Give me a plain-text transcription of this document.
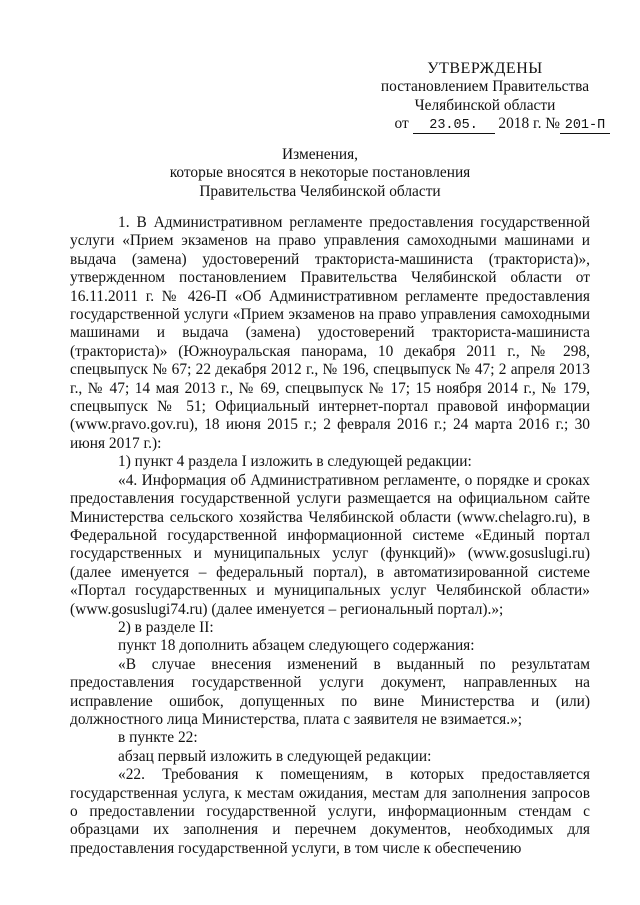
УТВЕРЖДЕНЫ
постановлением Правительства
Челябинской области
от 23.05. 2018 г. № 201-П
Изменения,
которые вносятся в некоторые постановления
Правительства Челябинской области

1. В Административном регламенте предоставления государственной услуги «Прием экзаменов на право управления самоходными машинами и выдача (замена) удостоверений тракториста-машиниста (тракториста)», утвержденном постановлением Правительства Челябинской области от 16.11.2011 г. № 426-П «Об Административном регламенте предоставления государственной услуги «Прием экзаменов на право управления самоходными машинами и выдача (замена) удостоверений тракториста-машиниста (тракториста)» (Южноуральская панорама, 10 декабря 2011 г., № 298, спецвыпуск № 67; 22 декабря 2012 г., № 196, спецвыпуск № 47; 2 апреля 2013 г., № 47; 14 мая 2013 г., № 69, спецвыпуск № 17; 15 ноября 2014 г., № 179, спецвыпуск № 51; Официальный интернет-портал правовой информации (www.pravo.gov.ru), 18 июня 2015 г.; 2 февраля 2016 г.; 24 марта 2016 г.; 30 июня 2017 г.):

1) пункт 4 раздела I изложить в следующей редакции:

«4. Информация об Административном регламенте, о порядке и сроках предоставления государственной услуги размещается на официальном сайте Министерства сельского хозяйства Челябинской области (www.chelagro.ru), в Федеральной государственной информационной системе «Единый портал государственных и муниципальных услуг (функций)» (www.gosuslugi.ru) (далее именуется – федеральный портал), в автоматизированной системе «Портал государственных и муниципальных услуг Челябинской области» (www.gosuslugi74.ru) (далее именуется – региональный портал).»;

2) в разделе II:

пункт 18 дополнить абзацем следующего содержания:

«В случае внесения изменений в выданный по результатам предоставления государственной услуги документ, направленных на исправление ошибок, допущенных по вине Министерства и (или) должностного лица Министерства, плата с заявителя не взимается.»;

в пункте 22:

абзац первый изложить в следующей редакции:

«22. Требования к помещениям, в которых предоставляется государственная услуга, к местам ожидания, местам для заполнения запросов о предоставлении государственной услуги, информационным стендам с образцами их заполнения и перечнем документов, необходимых для предоставления государственной услуги, в том числе к обеспечению
